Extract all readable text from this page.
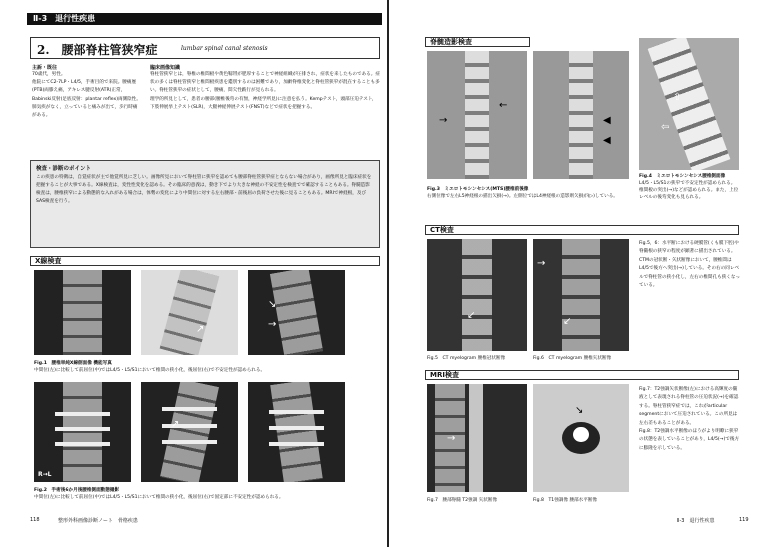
Ⅱ-3　退行性疾患
2.　腰部脊柱管狭窄症	lumbar spinal canal stenosis
主訴・既往
70歳代，男性。
他院にてC2-7LP・L4/5，手術目的で来院。腰痛歴(PTB)両膝え痛，アキレス腱反射(ATR)正常，Babinski反射(足底反射：plantar reflex)両側陰性。肺気疾がなく，立っていると痛みが出て，歩行時痛がある。
臨床画像知識
脊柱管狭窄とは，脊椎の椎間板や黄色靱帯が肥厚することで神経組織が圧排され，症状を来したものである。症状の多くは脊柱管狭窄と椎間板疾患を鑑別するのは困難であり，加齢脊椎変化と脊柱管狭窄が混在することも多い。脊柱管狭窄の症状として，腰痛，間欠性跛行が見られる。
理学的所見として，患者の腰部(腰椎後弯の有無，神経学所見)に注意を払う。Kempテスト，頭部圧迫テスト，下肢伸展挙上テスト(SLR)，大腿神経伸展テスト(FNST)などで症状を把握する。
検査・診断のポイント
この疾患の特徴は，自覚症状が主で他覚所見に乏しい。画像所見において脊柱管に狭窄を認めても腰部脊柱管狭窄症とならない場合があり，画像所見と臨床症状を把握することが大事である。X線検査は，変性性変化を認める。その臨床的意義は，動き下でより大きな神経の不安定性を検査でで確認することもある。脊髄造影検査は，腰椎狭窄による動態的な入れがある場合は，体勢の変化により中間位に対する左右腰部・前後屈の負荷させた後に見ることもある。MRIで神経根，及びSAS検査を行う。
X線検査
↗
↘
→
Fig.1　腰椎単純X線側面像 機能写真
中間位(左)に比較して前屈位(中)ではL4/5・L5/S1において椎間の狭小化，後屈位(右)で不安定性が認められる。
R→L
↗
Fig.2　手術後6か月後腰椎側面動態撮影
中間位(左)に比較して前屈位(中)ではL4/5・L5/S1において椎間の狭小化，後屈位(右)で固定部に不安定性が認められる。
118	整形外科画像診断ノート　骨格疾患
脊髄造影検査
→
←
◀
◀
⇧
⇦
Fig.3　ミエロトモシンセシス(MTS)腰椎前後像
右側位像で左右L5神経根の描出欠損(→)。左側位ではL4神経根の造影剤欠損が(▷)している。
Fig.4　ミエロトモシンセシス腰椎側面像
L4/5・L5/S1の狭窄で不安定性が認められる。椎間板の突出(→)などが認められる。また，上位レベルの後弯変化も見られる。
CT検査
↙
→
↙
Fig.5，6：水平断における硬膜管(くも膜下腔)や脊髄根の狭窄の程度が顕著に描出されている。CTMの冠状断・矢状断像において，腰椎間はL4/5で後方へ突出(→)している。その右の同レベルで脊柱管の狭小化し，左右の椎間孔も狭くなっている。
Fig.5　CT myelogram 腰椎冠状断像	Fig.6　CT myelogram 腰椎矢状断像
MRI検査
→
↘
Fig.7：T2強調矢状断像(左)における高輝度の髄液として表現される脊柱管の圧迫状況(→)を確認する。脊柱管狭窄症では，これがarticular segmentにおいて圧迫されている。この所見は左右差もあることがある。
Fig.8：T2強調水平断像のほうがより明瞭に狭窄の状態を表していることがあり，L4/5(→)で後方に膨隆を示している。
Fig.7　腰部脊髄 T2強調 矢状断像	Fig.8　T1強調像 腰部水平断像
Ⅱ-3　退行性疾患	119
